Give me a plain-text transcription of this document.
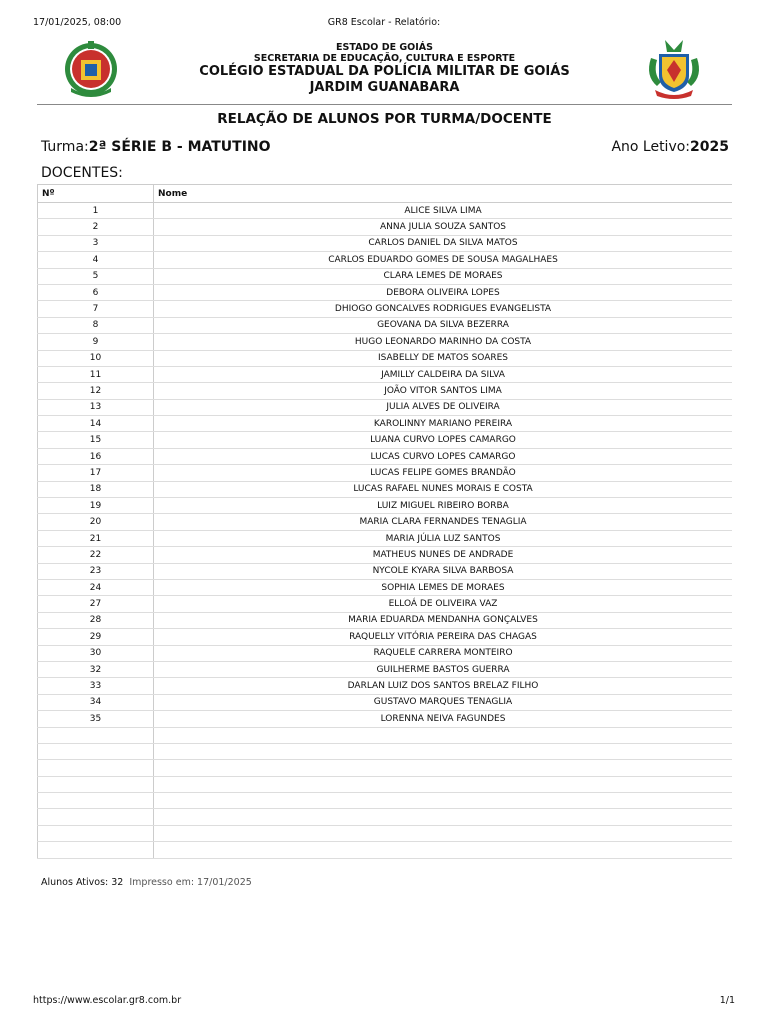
17/01/2025, 08:00	GR8 Escolar - Relatório:
ESTADO DE GOIÁS
SECRETARIA DE EDUCAÇÃO, CULTURA E ESPORTE
COLÉGIO ESTADUAL DA POLÍCIA MILITAR DE GOIÁS
JARDIM GUANABARA
RELAÇÃO DE ALUNOS POR TURMA/DOCENTE
Turma:2ª SÉRIE B - MATUTINO	Ano Letivo:2025
DOCENTES:
Nº	Nome
1	ALICE SILVA LIMA
2	ANNA JULIA SOUZA SANTOS
3	CARLOS DANIEL DA SILVA MATOS
4	CARLOS EDUARDO GOMES DE SOUSA MAGALHAES
5	CLARA LEMES DE MORAES
6	DEBORA OLIVEIRA LOPES
7	DHIOGO GONCALVES RODRIGUES EVANGELISTA
8	GEOVANA DA SILVA BEZERRA
9	HUGO LEONARDO MARINHO DA COSTA
10	ISABELLY DE MATOS SOARES
11	JAMILLY CALDEIRA DA SILVA
12	JOÃO VITOR SANTOS LIMA
13	JULIA ALVES DE OLIVEIRA
14	KAROLINNY MARIANO PEREIRA
15	LUANA CURVO LOPES CAMARGO
16	LUCAS CURVO LOPES CAMARGO
17	LUCAS FELIPE GOMES BRANDÃO
18	LUCAS RAFAEL NUNES MORAIS E COSTA
19	LUIZ MIGUEL RIBEIRO BORBA
20	MARIA CLARA FERNANDES TENAGLIA
21	MARIA JÚLIA LUZ SANTOS
22	MATHEUS NUNES DE ANDRADE
23	NYCOLE KYARA SILVA BARBOSA
24	SOPHIA LEMES DE MORAES
27	ELLOÁ DE OLIVEIRA VAZ
28	MARIA EDUARDA MENDANHA GONÇALVES
29	RAQUELLY VITÓRIA PEREIRA DAS CHAGAS
30	RAQUELE CARRERA MONTEIRO
32	GUILHERME BASTOS GUERRA
33	DARLAN LUIZ DOS SANTOS BRELAZ FILHO
34	GUSTAVO MARQUES TENAGLIA
35	LORENNA NEIVA FAGUNDES

Alunos Ativos: 32 Impresso em: 17/01/2025
https://www.escolar.gr8.com.br	1/1
